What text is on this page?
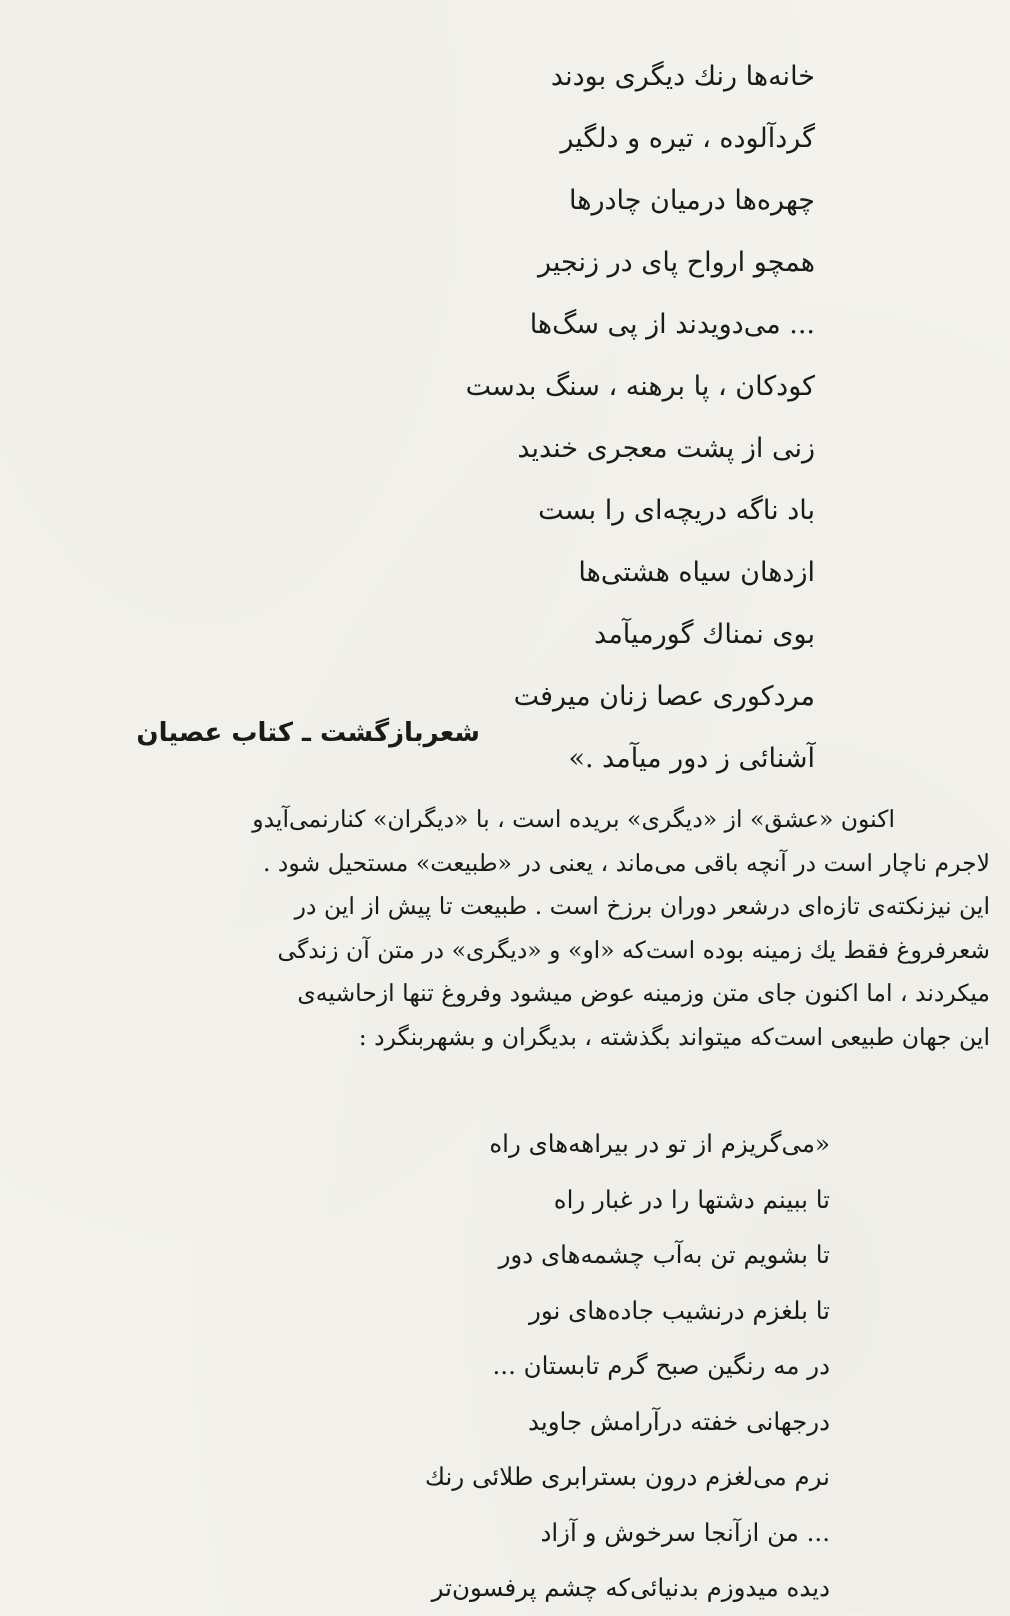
خانه‌ها رنك ديگری بودند
گردآلوده ، تيره و دلگير
چهره‌ها درميان چادرها
همچو ارواح پای در زنجير
... می‌دويدند از پی سگ‌ها
كودكان ، پا برهنه ، سنگ بدست
زنی از پشت معجری خنديد
باد ناگه دريچه‌ای را بست
ازدهان سياه هشتی‌ها
بوی نمناك گورميآمد
مردكوری عصا زنان ميرفت
آشنائی ز دور ميآمد .»
شعربازگشت ـ كتاب عصيان
اكنون «عشق» از «ديگری» بريده است ، با «ديگران» كنارنمی‌آيدو
لاجرم ناچار است در آنچه باقی می‌ماند ، يعنی در «طبيعت» مستحيل شود .
اين نيزنكته‌ی تازه‌ای درشعر دوران برزخ است . طبيعت تا پيش از اين در
شعرفروغ فقط يك زمينه بوده است‌كه «او» و «ديگری» در متن آن زندگی
ميكردند ، اما اكنون جای متن وزمينه عوض ميشود وفروغ تنها ازحاشيه‌ی
اين جهان طبيعی است‌كه ميتواند بگذشته ، بديگران و بشهربنگرد :
«می‌گريزم از تو در بيراهه‌های راه
تا ببينم دشتها را در غبار راه
تا بشويم تن به‌آب چشمه‌های دور
تا بلغزم درنشيب جاده‌های نور
در مه رنگين صبح گرم تابستان ...
درجهانی خفته درآرامش جاويد
نرم می‌لغزم درون بسترابری طلائی رنك
... من ازآنجا سرخوش و آزاد
ديده ميدوزم بدنيائی‌كه چشم پرفسون‌تر
